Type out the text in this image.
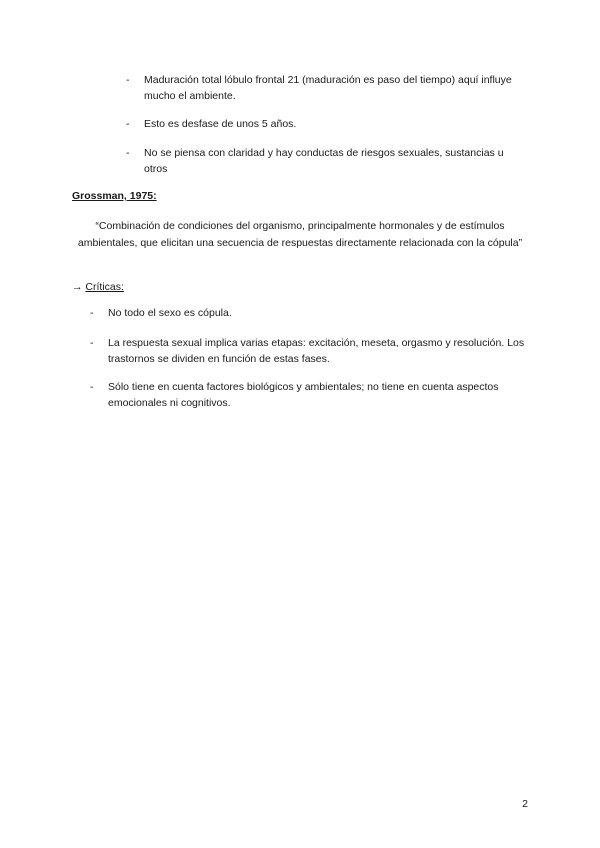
-	Maduración total lóbulo frontal 21 (maduración es paso del tiempo) aquí influye mucho el ambiente.
-	Esto es desfase de unos 5 años.
-	No se piensa con claridad y hay conductas de riesgos sexuales, sustancias u otros
Grossman, 1975:
“Combinación de condiciones del organismo, principalmente hormonales y de estímulos ambientales, que elicitan una secuencia de respuestas directamente relacionada con la cópula”
→ Críticas:
-	No todo el sexo es cópula.
-	La respuesta sexual implica varias etapas: excitación, meseta, orgasmo y resolución. Los trastornos se dividen en función de estas fases.
-	Sólo tiene en cuenta factores biológicos y ambientales; no tiene en cuenta aspectos emocionales ni cognitivos.
2
